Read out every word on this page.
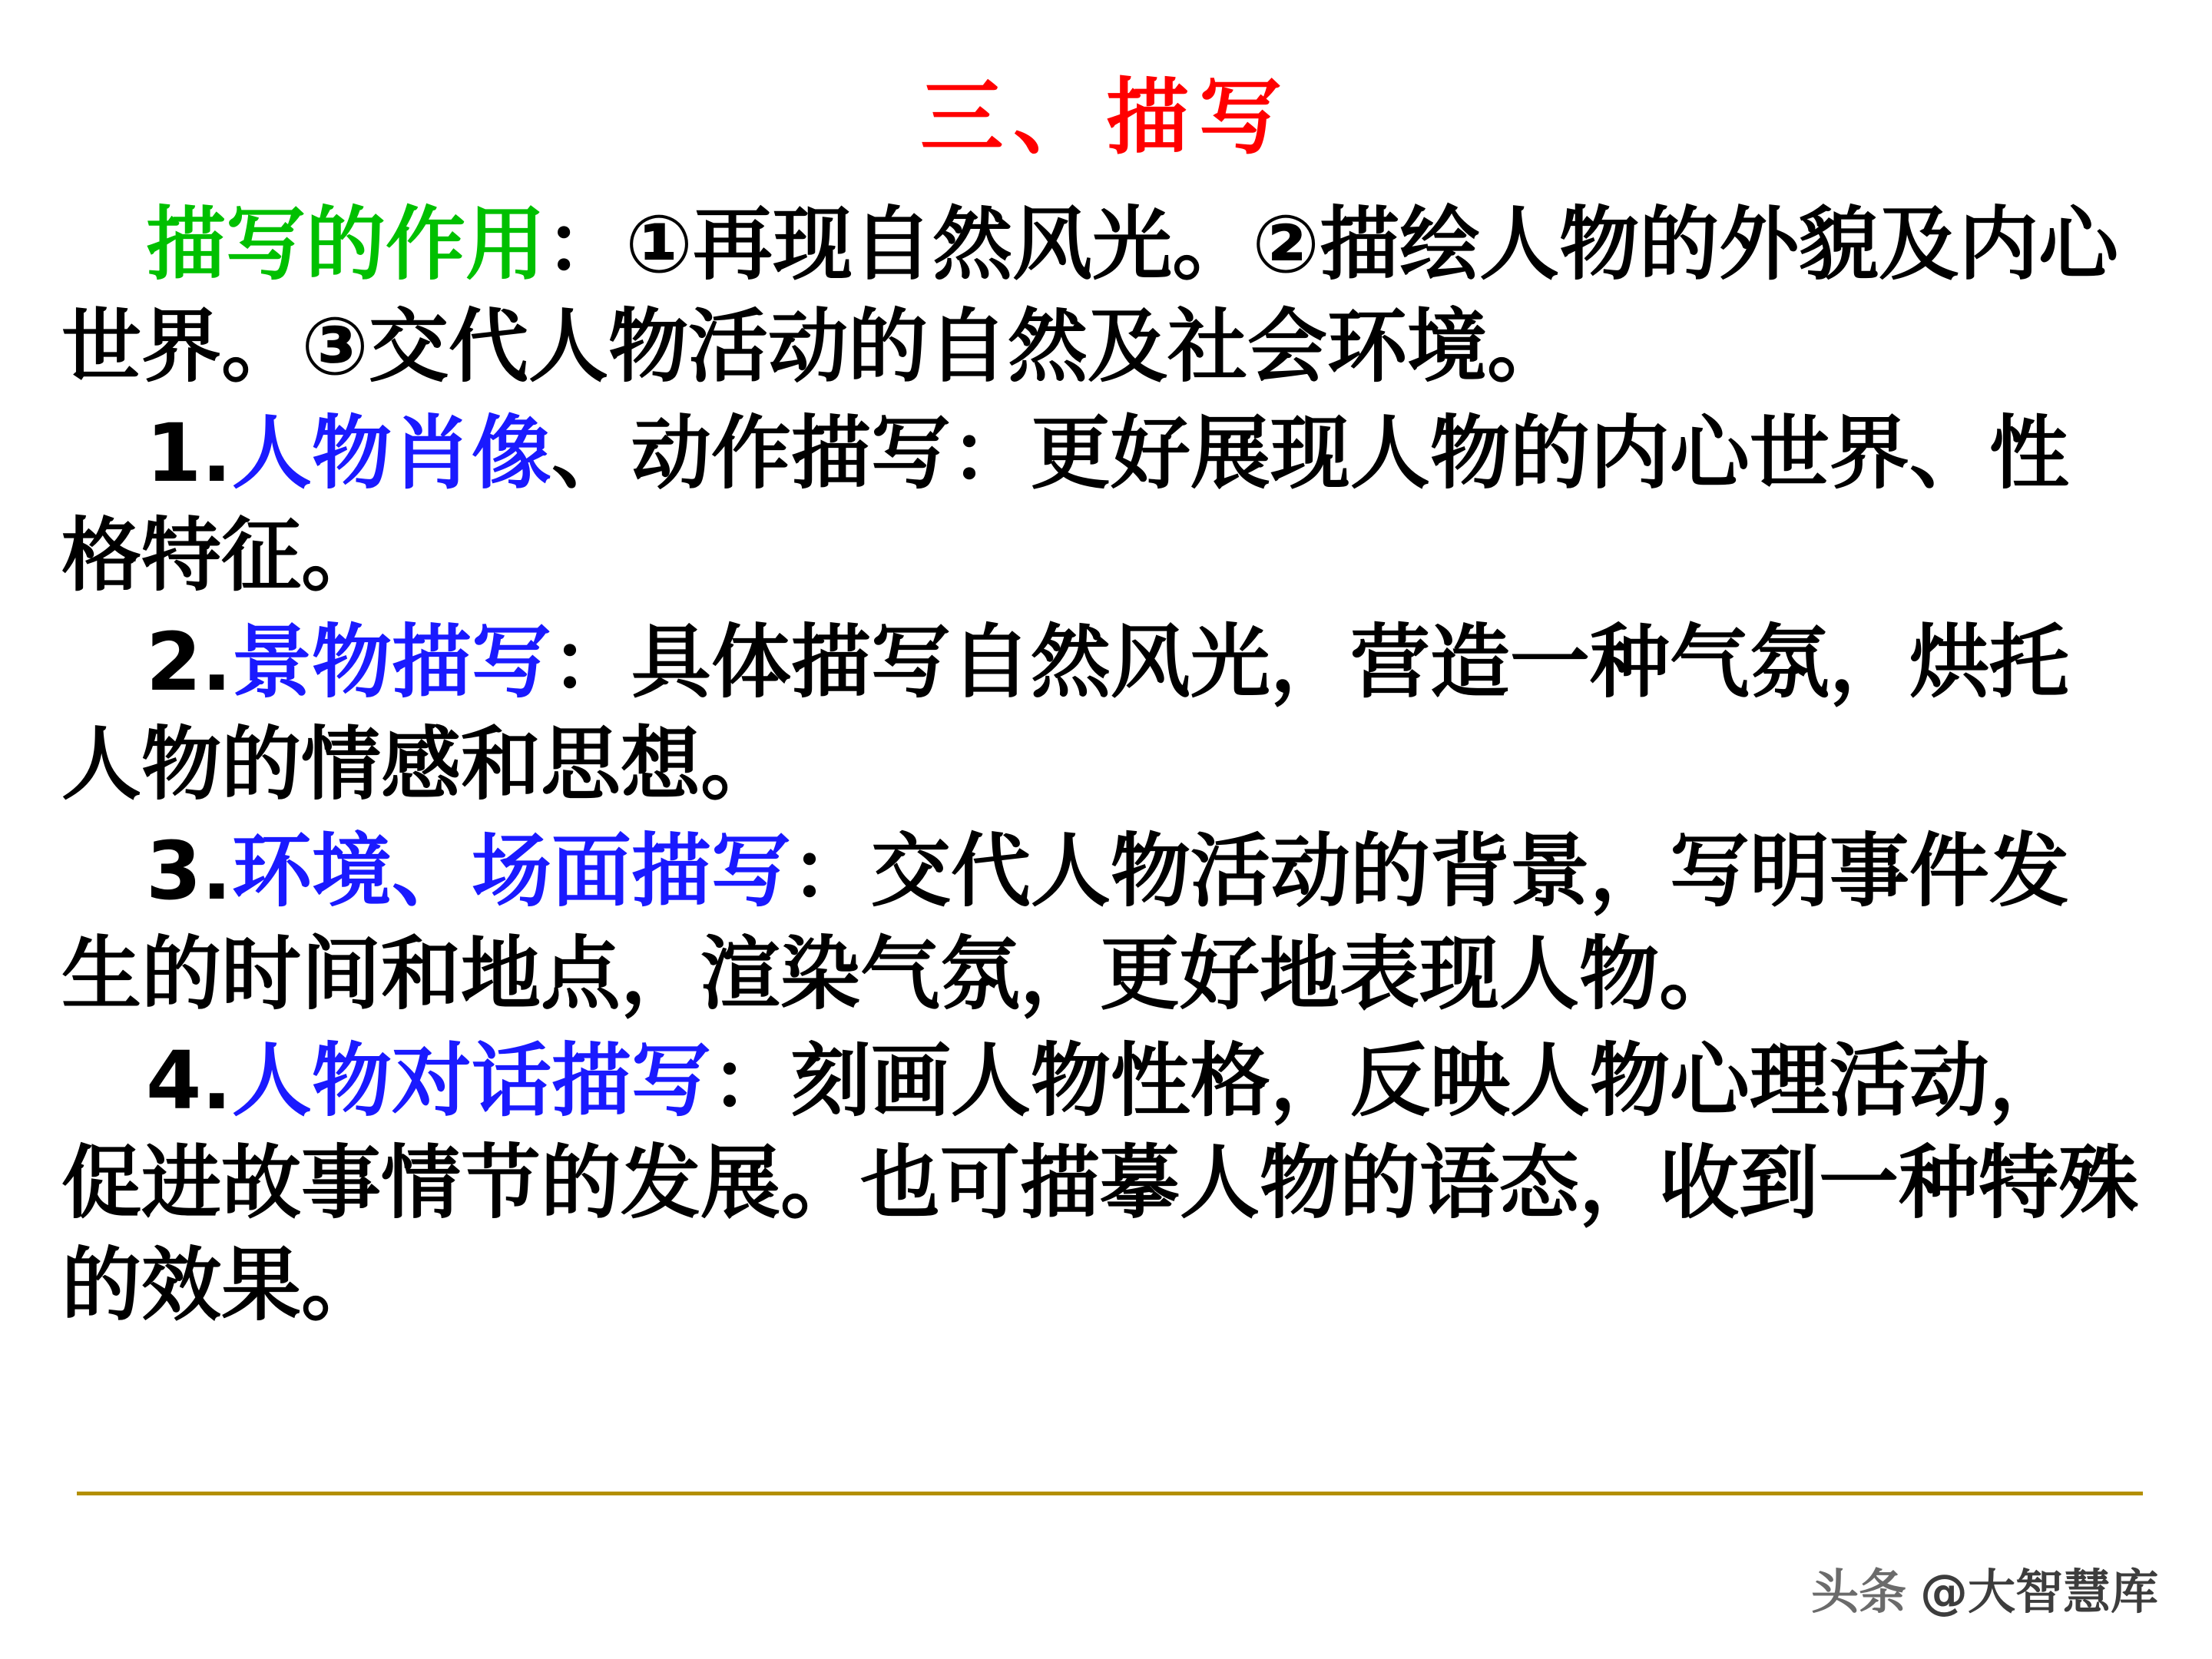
三、描写

描写的作用：①再现自然风光。②描绘人物的外貌及内心世界。③交代人物活动的自然及社会环境。

1.人物肖像、动作描写：更好展现人物的内心世界、性格特征。

2.景物描写：具体描写自然风光，营造一种气氛，烘托人物的情感和思想。

3.环境、场面描写：交代人物活动的背景，写明事件发生的时间和地点，渲染气氛，更好地表现人物。

4.人物对话描写：刻画人物性格，反映人物心理活动，促进故事情节的发展。也可描摹人物的语态，收到一种特殊的效果。

头条 @大智慧库
